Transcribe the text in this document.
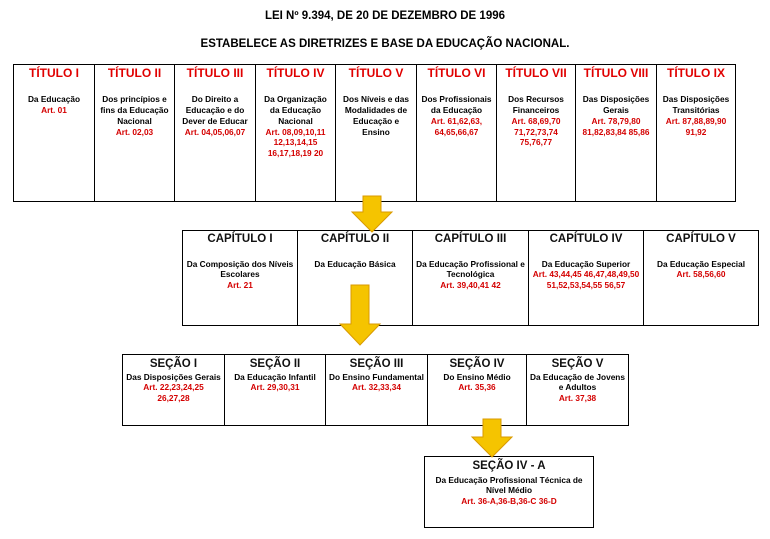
LEI Nº 9.394, DE 20 DE DEZEMBRO DE 1996
ESTABELECE AS DIRETRIZES E BASE DA EDUCAÇÃO NACIONAL.
TÍTULO I
Da Educação
Art. 01
TÍTULO II
Dos princípios e fins da Educação Nacional
Art. 02,03
TÍTULO III
Do Direito a Educação e do Dever de Educar
Art. 04,05,06,07
TÍTULO IV
Da Organização da Educação Nacional
Art. 08,09,10,11 12,13,14,15 16,17,18,19 20
TÍTULO V
Dos Níveis e das Modalidades de Educação e Ensino
TÍTULO VI
Dos Profissionais da Educação
Art. 61,62,63, 64,65,66,67
TÍTULO VII
Dos Recursos Financeiros
Art. 68,69,70 71,72,73,74 75,76,77
TÍTULO VIII
Das Disposições Gerais
Art. 78,79,80 81,82,83,84 85,86
TÍTULO IX
Das Disposições Transitórias
Art. 87,88,89,90 91,92
CAPÍTULO I
Da Composição dos Níveis Escolares
Art. 21
CAPÍTULO II
Da Educação Básica
CAPÍTULO III
Da Educação Profissional e Tecnológica
Art. 39,40,41 42
CAPÍTULO IV
Da Educação Superior
Art. 43,44,45 46,47,48,49,50 51,52,53,54,55 56,57
CAPÍTULO V
Da Educação Especial
Art. 58,56,60
SEÇÃO I
Das Disposições Gerais
Art. 22,23,24,25 26,27,28
SEÇÃO II
Da Educação Infantil
Art. 29,30,31
SEÇÃO III
Do Ensino Fundamental
Art. 32,33,34
SEÇÃO IV
Do Ensino Médio
Art. 35,36
SEÇÃO V
Da Educação de Jovens e Adultos
Art. 37,38
SEÇÃO IV - A
Da Educação Profissional Técnica de Nível Médio
Art. 36-A,36-B,36-C 36-D
